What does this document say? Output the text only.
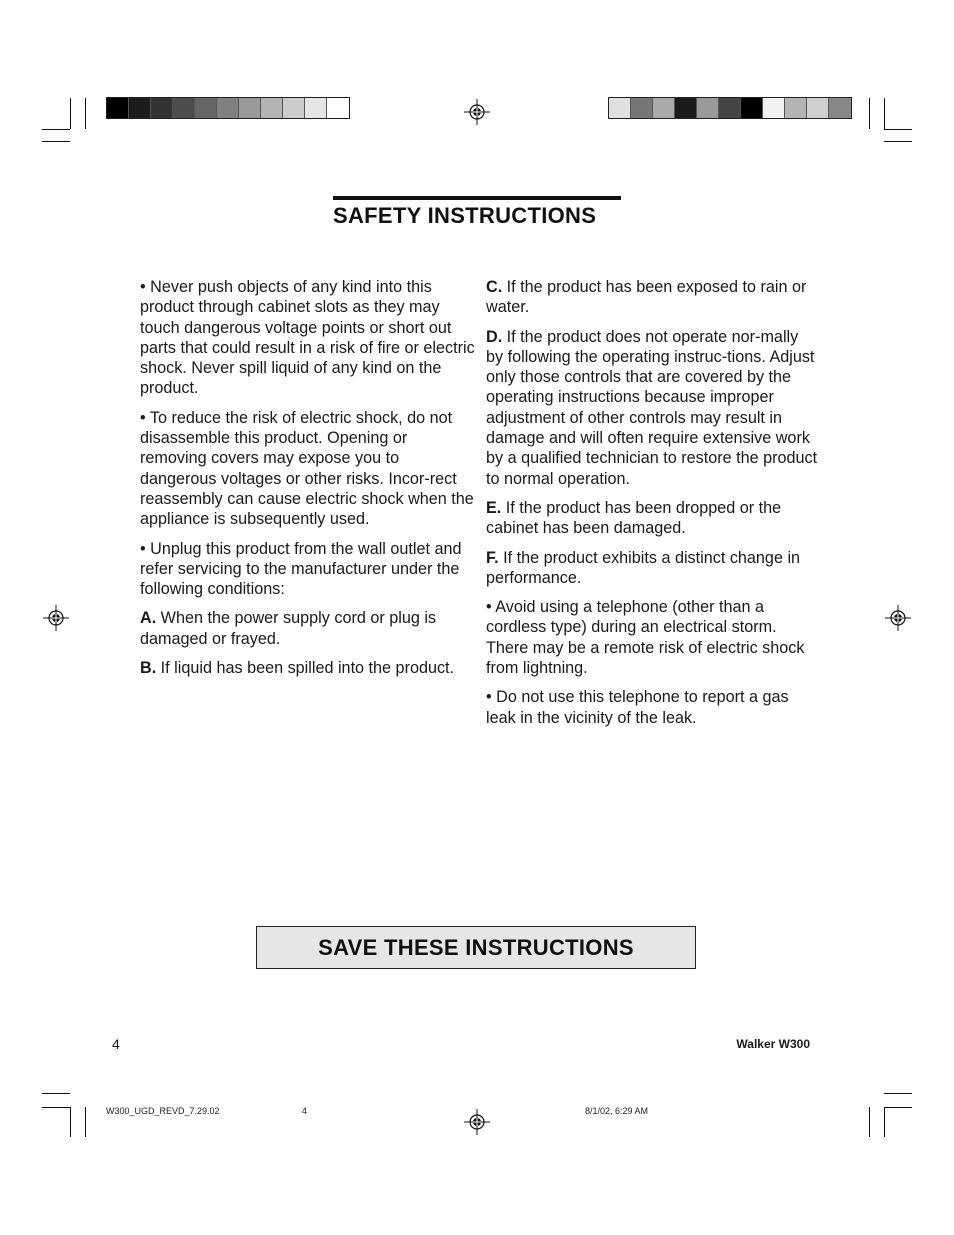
SAFETY INSTRUCTIONS

• Never push objects of any kind into this product through cabinet slots as they may touch dangerous voltage points or short out parts that could result in a risk of fire or electric shock. Never spill liquid of any kind on the product.

• To reduce the risk of electric shock, do not disassemble this product. Opening or removing covers may expose you to dangerous voltages or other risks. Incor-rect reassembly can cause electric shock when the appliance is subsequently used.

• Unplug this product from the wall outlet and refer servicing to the manufacturer under the following conditions:

A. When the power supply cord or plug is damaged or frayed.

B. If liquid has been spilled into the product.

C. If the product has been exposed to rain or water.

D. If the product does not operate nor-mally by following the operating instruc-tions. Adjust only those controls that are covered by the operating instructions because improper adjustment of other controls may result in damage and will often require extensive work by a qualified technician to restore the product to normal operation.

E. If the product has been dropped or the cabinet has been damaged.

F. If the product exhibits a distinct change in performance.

• Avoid using a telephone (other than a cordless type) during an electrical storm. There may be a remote risk of electric shock from lightning.

• Do not use this telephone to report a gas leak in the vicinity of the leak.

SAVE THESE INSTRUCTIONS
4	Walker W300
W300_UGD_REVD_7.29.02	4	8/1/02, 6:29 AM
